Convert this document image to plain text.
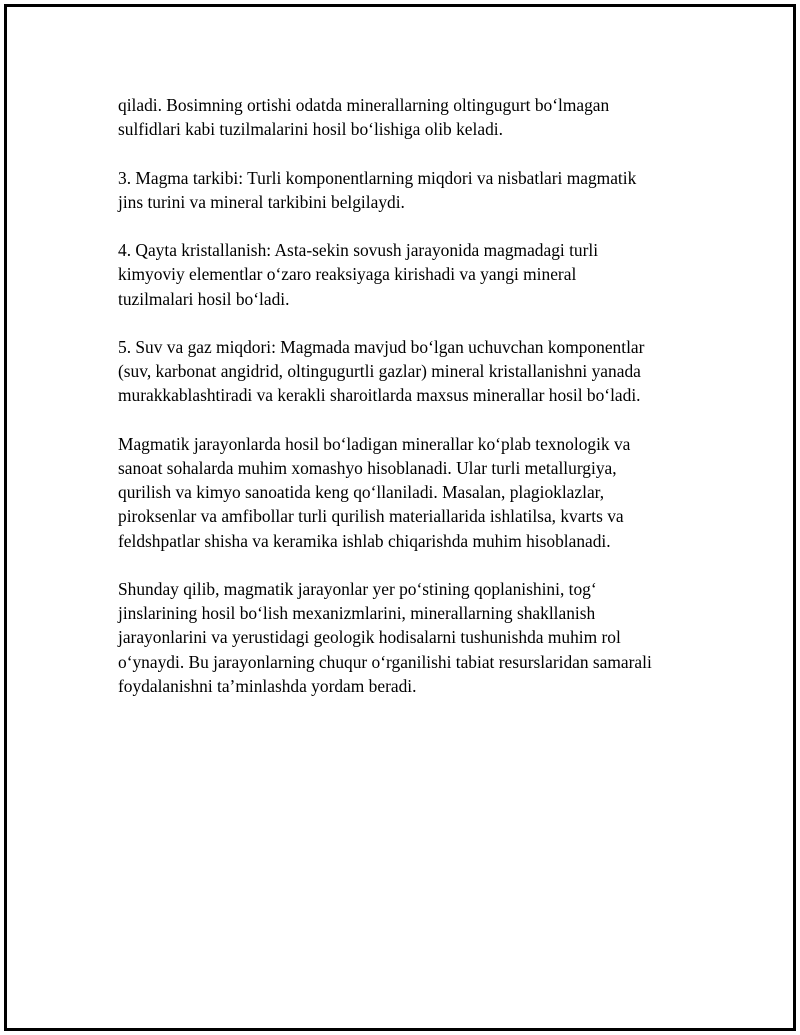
qiladi. Bosimning ortishi odatda minerallarning oltingugurt boʻlmagan
sulfidlari kabi tuzilmalarini hosil boʻlishiga olib keladi.

3. Magma tarkibi: Turli komponentlarning miqdori va nisbatlari magmatik
jins turini va mineral tarkibini belgilaydi.

4. Qayta kristallanish: Asta-sekin sovush jarayonida magmadagi turli
kimyoviy elementlar oʻzaro reaksiyaga kirishadi va yangi mineral
tuzilmalari hosil boʻladi.

5. Suv va gaz miqdori: Magmada mavjud boʻlgan uchuvchan komponentlar
(suv, karbonat angidrid, oltingugurtli gazlar) mineral kristallanishni yanada
murakkablashtiradi va kerakli sharoitlarda maxsus minerallar hosil boʻladi.

Magmatik jarayonlarda hosil boʻladigan minerallar koʻplab texnologik va
sanoat sohalarda muhim xomashyo hisoblanadi. Ular turli metallurgiya,
qurilish va kimyo sanoatida keng qoʻllaniladi. Masalan, plagioklazlar,
piroksenlar va amfibollar turli qurilish materiallarida ishlatilsa, kvarts va
feldshpatlar shisha va keramika ishlab chiqarishda muhim hisoblanadi.

Shunday qilib, magmatik jarayonlar yer poʻstining qoplanishini, togʻ
jinslarining hosil boʻlish mexanizmlarini, minerallarning shakllanish
jarayonlarini va yerustidagi geologik hodisalarni tushunishda muhim rol
oʻynaydi. Bu jarayonlarning chuqur oʻrganilishi tabiat resurslaridan samarali
foydalanishni taʼminlashda yordam beradi.
